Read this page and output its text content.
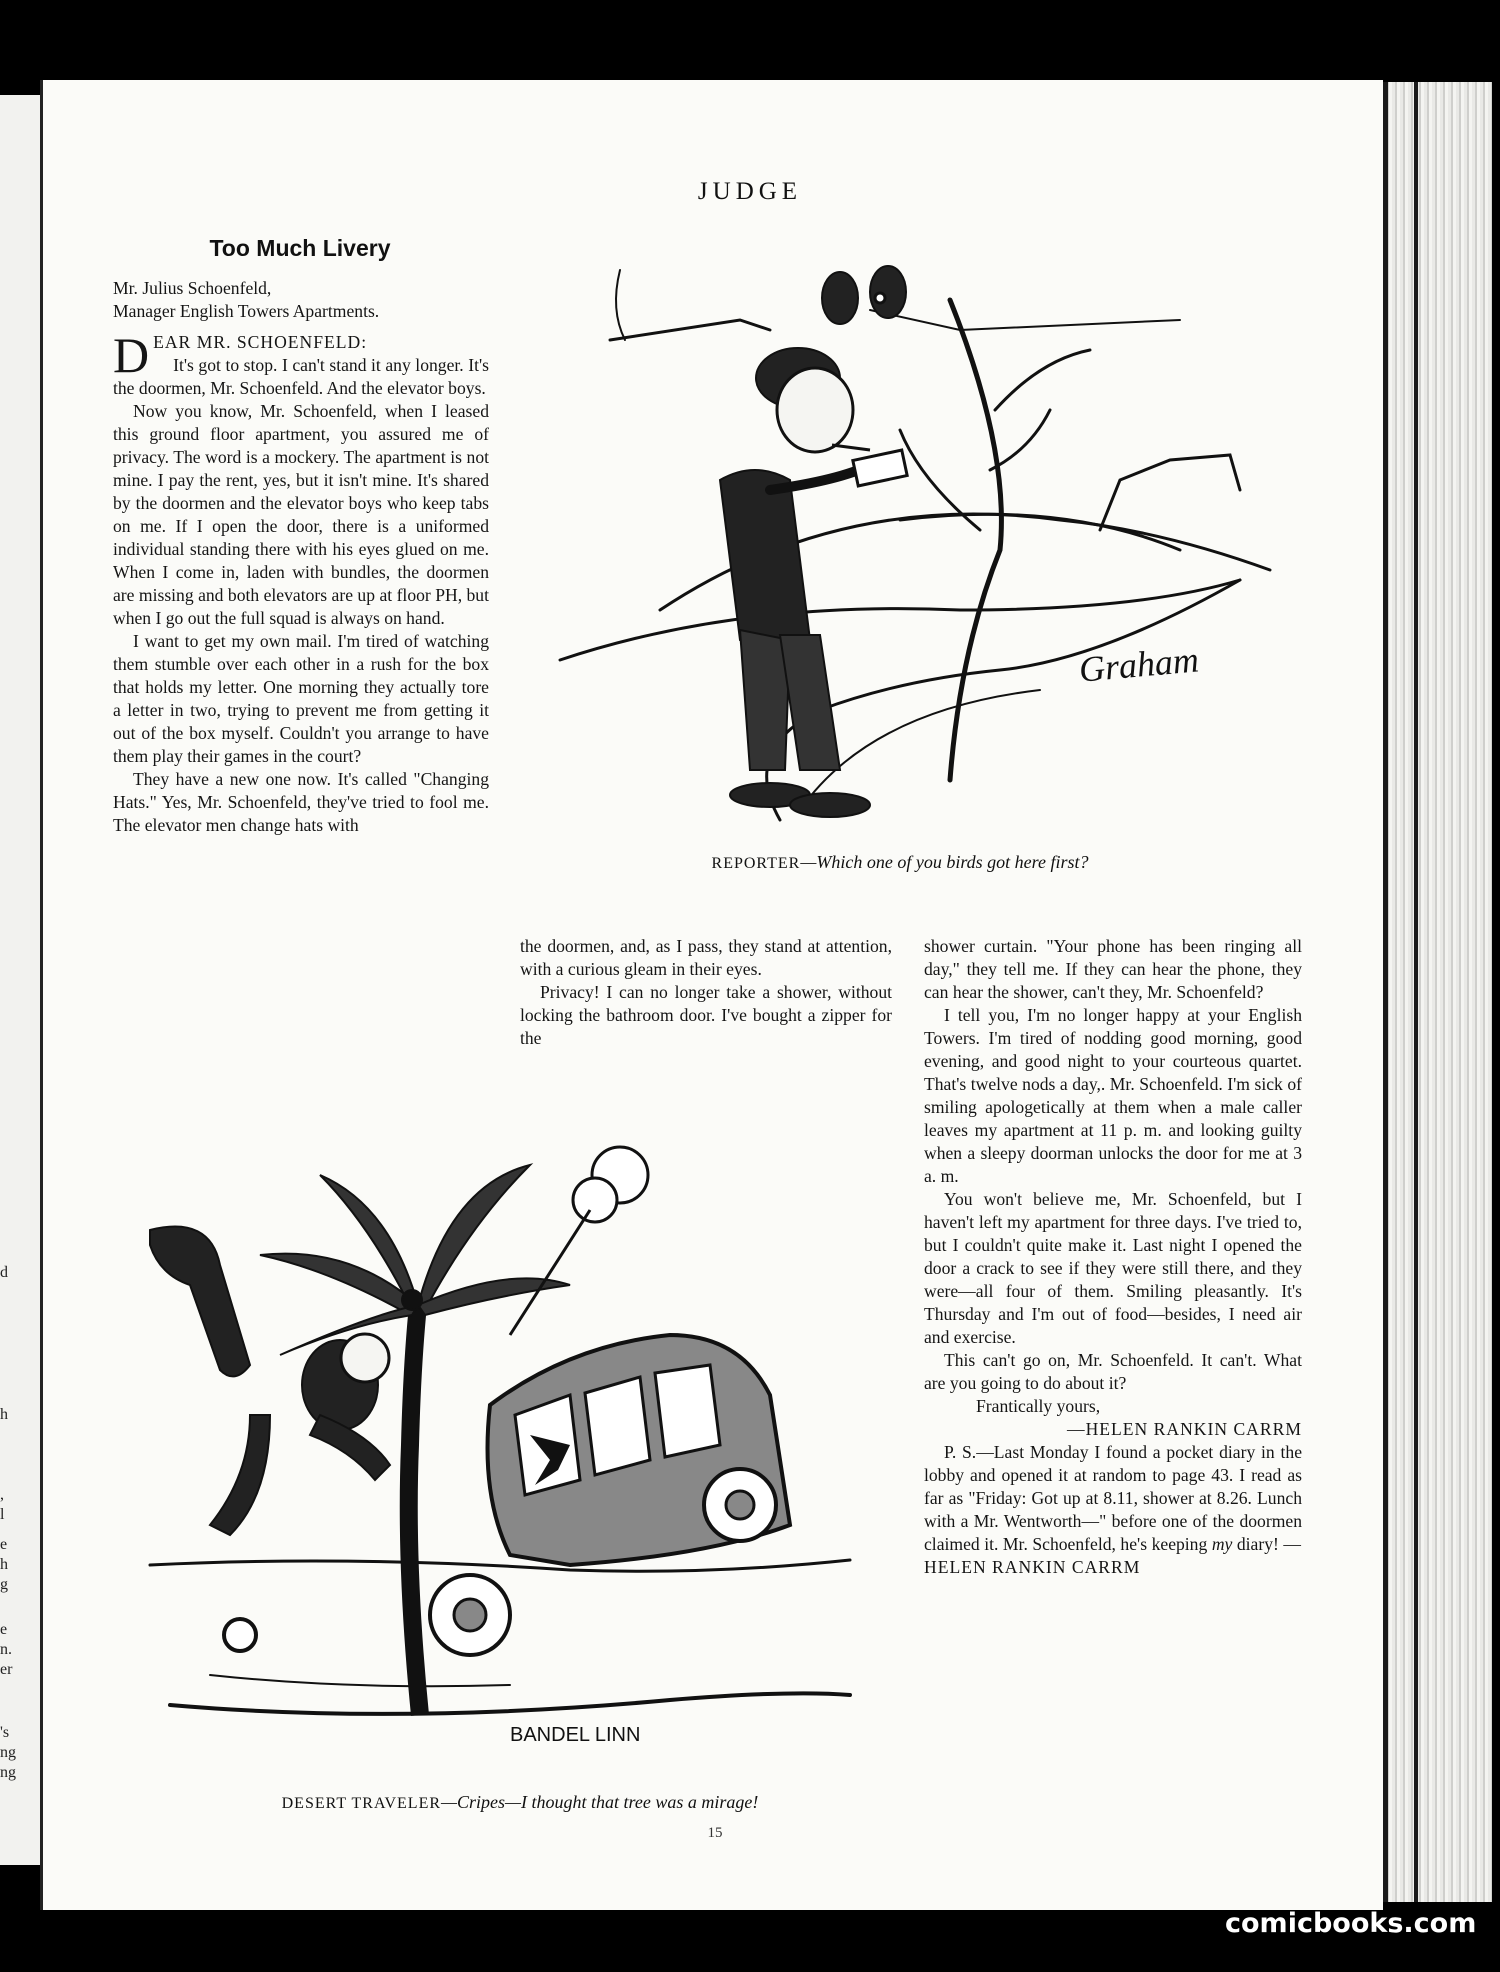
d
h
,
l
e
h
g
e
n.
er
's
ng
ng
JUDGE
Too Much Livery
Mr. Julius Schoenfeld,
Manager English Towers Apartments.
D EAR MR. SCHOENFELD:

It's got to stop. I can't stand it any longer. It's the doormen, Mr. Schoenfeld. And the elevator boys.

Now you know, Mr. Schoenfeld, when I leased this ground floor apartment, you assured me of privacy. The word is a mockery. The apartment is not mine. I pay the rent, yes, but it isn't mine. It's shared by the doormen and the elevator boys who keep tabs on me. If I open the door, there is a uniformed individual standing there with his eyes glued on me. When I come in, laden with bundles, the doormen are missing and both elevators are up at floor PH, but when I go out the full squad is always on hand.

I want to get my own mail. I'm tired of watching them stumble over each other in a rush for the box that holds my letter. One morning they actually tore a letter in two, trying to prevent me from getting it out of the box myself. Couldn't you arrange to have them play their games in the court?

They have a new one now. It's called "Changing Hats." Yes, Mr. Schoenfeld, they've tried to fool me. The elevator men change hats with

the doormen, and, as I pass, they stand at attention, with a curious gleam in their eyes.

Privacy! I can no longer take a shower, without locking the bathroom door. I've bought a zipper for the

shower curtain. "Your phone has been ringing all day," they tell me. If they can hear the phone, they can hear the shower, can't they, Mr. Schoenfeld?

I tell you, I'm no longer happy at your English Towers. I'm tired of nodding good morning, good evening, and good night to your courteous quartet. That's twelve nods a day,. Mr. Schoenfeld. I'm sick of smiling apologetically at them when a male caller leaves my apartment at 11 p. m. and looking guilty when a sleepy doorman unlocks the door for me at 3 a. m.

You won't believe me, Mr. Schoenfeld, but I haven't left my apartment for three days. I've tried to, but I couldn't quite make it. Last night I opened the door a crack to see if they were still there, and they were—all four of them. Smiling pleasantly. It's Thursday and I'm out of food—besides, I need air and exercise.

This can't go on, Mr. Schoenfeld. It can't. What are you going to do about it?

Frantically yours,

—HELEN RANKIN CARRM

P. S.—Last Monday I found a pocket diary in the lobby and opened it at random to page 43. I read as far as "Friday: Got up at 8.11, shower at 8.26. Lunch with a Mr. Wentworth—" before one of the doormen claimed it. Mr. Schoenfeld, he's keeping my diary! —HELEN RANKIN CARRM

Graham
REPORTER—Which one of you birds got here first?
BANDEL LINN
DESERT TRAVELER—Cripes—I thought that tree was a mirage!
15
comicbooks.com
